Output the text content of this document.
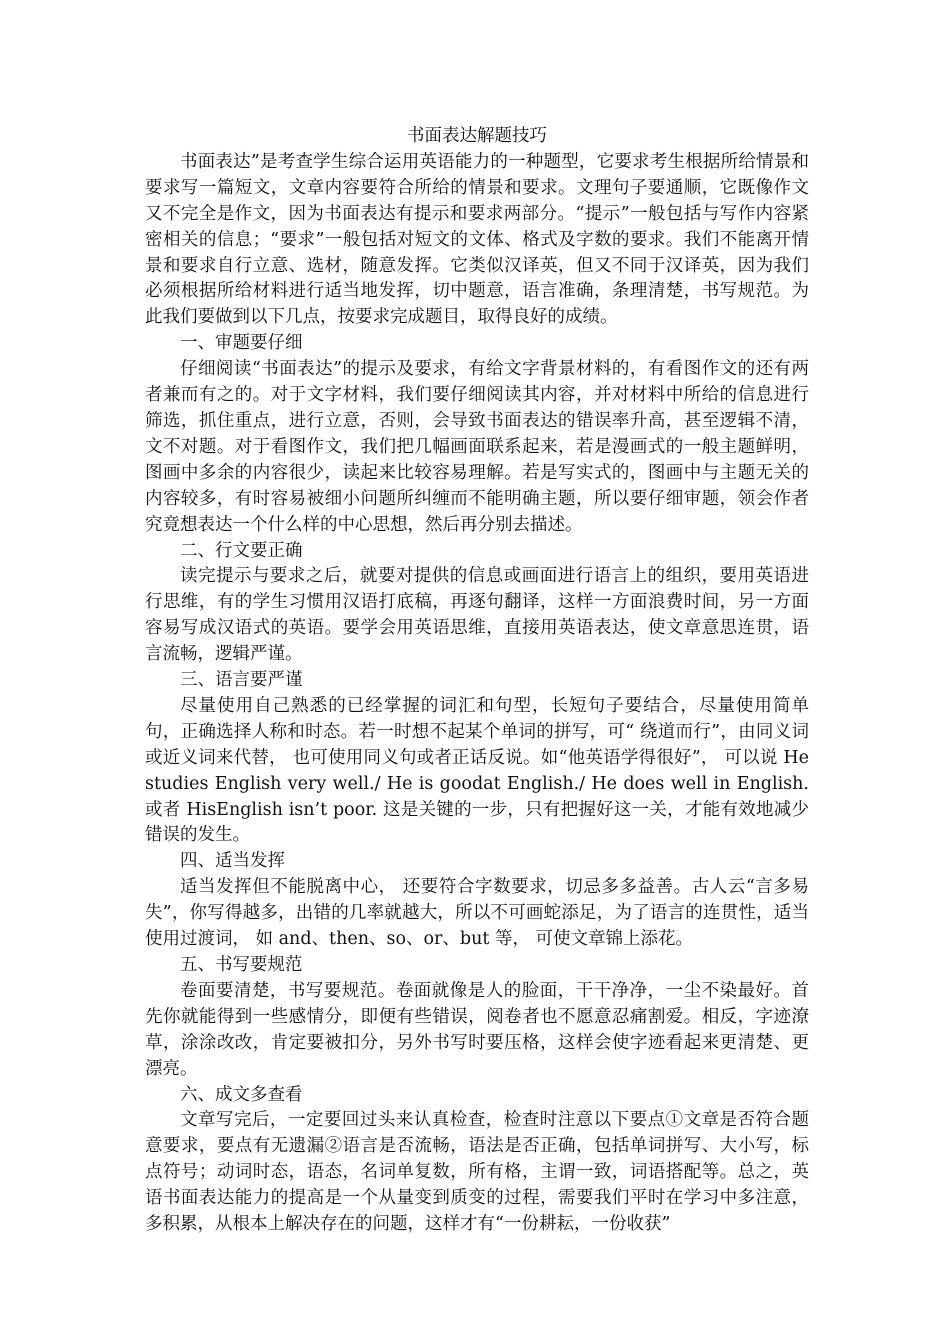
书面表达解题技巧

书面表达”是考查学生综合运用英语能力的一种题型，它要求考生根据所给情景和要求写一篇短文，文章内容要符合所给的情景和要求。文理句子要通顺，它既像作文又不完全是作文，因为书面表达有提示和要求两部分。“提示”一般包括与写作内容紧密相关的信息；“要求”一般包括对短文的文体、格式及字数的要求。我们不能离开情景和要求自行立意、选材，随意发挥。它类似汉译英，但又不同于汉译英，因为我们必须根据所给材料进行适当地发挥，切中题意，语言准确，条理清楚，书写规范。为此我们要做到以下几点，按要求完成题目，取得良好的成绩。

一、审题要仔细

仔细阅读“书面表达”的提示及要求，有给文字背景材料的，有看图作文的还有两者兼而有之的。对于文字材料，我们要仔细阅读其内容，并对材料中所给的信息进行筛选，抓住重点，进行立意，否则，会导致书面表达的错误率升高，甚至逻辑不清，文不对题。对于看图作文，我们把几幅画面联系起来，若是漫画式的一般主题鲜明，图画中多余的内容很少，读起来比较容易理解。若是写实式的，图画中与主题无关的内容较多，有时容易被细小问题所纠缠而不能明确主题，所以要仔细审题，领会作者究竟想表达一个什么样的中心思想，然后再分别去描述。

二、行文要正确

读完提示与要求之后，就要对提供的信息或画面进行语言上的组织，要用英语进行思维，有的学生习惯用汉语打底稿，再逐句翻译，这样一方面浪费时间，另一方面容易写成汉语式的英语。要学会用英语思维，直接用英语表达，使文章意思连贯，语言流畅，逻辑严谨。

三、语言要严谨

尽量使用自己熟悉的已经掌握的词汇和句型，长短句子要结合，尽量使用简单句，正确选择人称和时态。若一时想不起某个单词的拼写，可“ 绕道而行”，由同义词或近义词来代替， 也可使用同义句或者正话反说。如“他英语学得很好”， 可以说 He studies English very well./ He is goodat English./ He does well in English. 或者 HisEnglish isn’t poor. 这是关键的一步，只有把握好这一关，才能有效地减少错误的发生。

四、适当发挥

适当发挥但不能脱离中心， 还要符合字数要求，切忌多多益善。古人云“言多易失”，你写得越多，出错的几率就越大，所以不可画蛇添足，为了语言的连贯性，适当使用过渡词， 如 and、then、so、or、but 等， 可使文章锦上添花。

五、书写要规范

卷面要清楚，书写要规范。卷面就像是人的脸面，干干净净，一尘不染最好。首先你就能得到一些感情分，即便有些错误，阅卷者也不愿意忍痛割爱。相反，字迹潦草，涂涂改改，肯定要被扣分，另外书写时要压格，这样会使字迹看起来更清楚、更漂亮。

六、成文多查看

文章写完后，一定要回过头来认真检查，检查时注意以下要点①文章是否符合题意要求，要点有无遗漏②语言是否流畅，语法是否正确，包括单词拼写、大小写，标点符号；动词时态，语态，名词单复数，所有格，主谓一致，词语搭配等。总之，英语书面表达能力的提高是一个从量变到质变的过程，需要我们平时在学习中多注意，多积累，从根本上解决存在的问题，这样才有“一份耕耘，一份收获”
